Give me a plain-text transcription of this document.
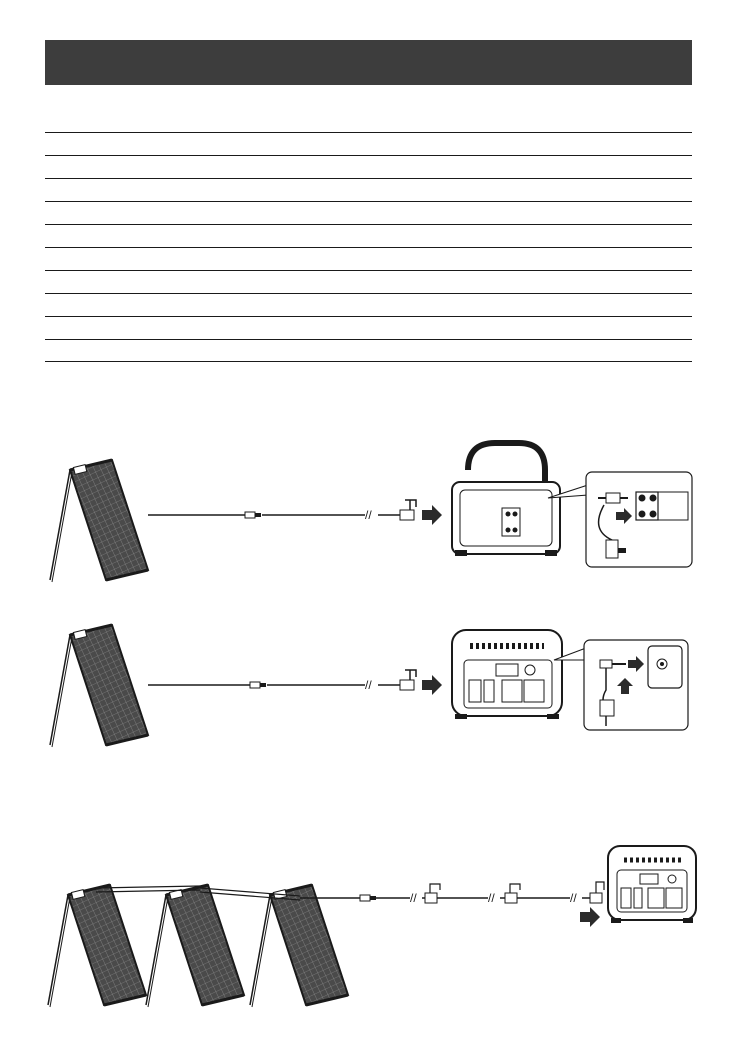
//
//
//	//	//
